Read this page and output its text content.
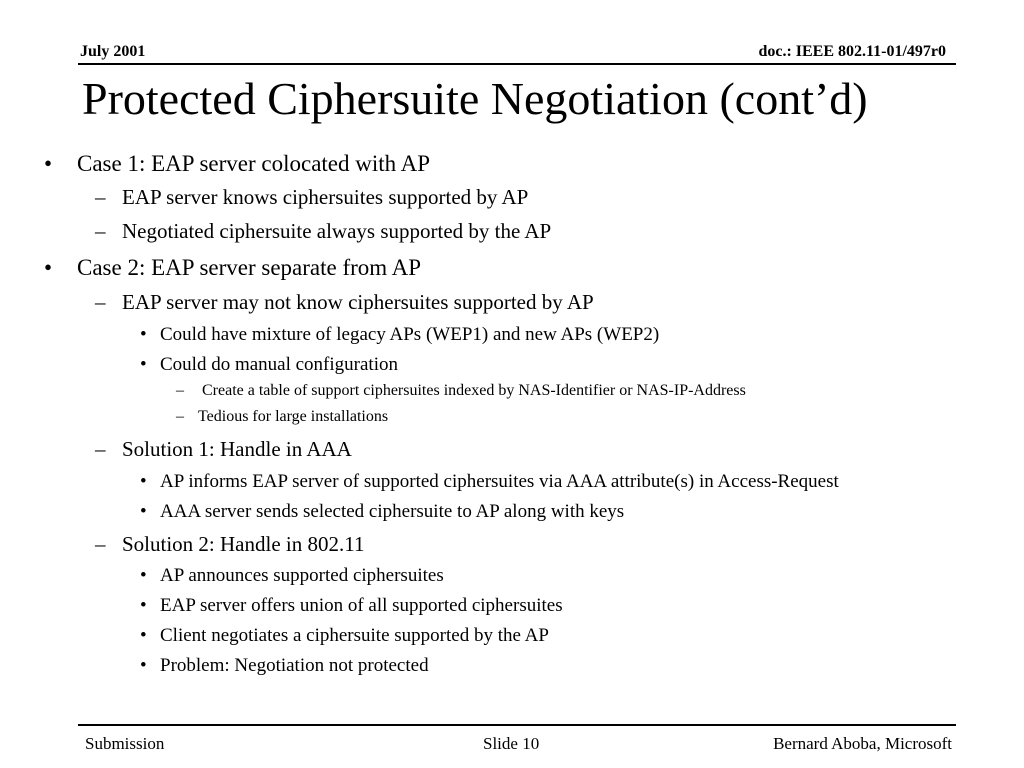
July 2001	doc.: IEEE 802.11-01/497r0
Protected Ciphersuite Negotiation (cont’d)
• Case 1: EAP server colocated with AP
– EAP server knows ciphersuites supported by AP
– Negotiated ciphersuite always supported by the AP
• Case 2: EAP server separate from AP
– EAP server may not know ciphersuites supported by AP
• Could have mixture of legacy APs (WEP1) and new APs (WEP2)
• Could do manual configuration
– Create a table of support ciphersuites indexed by NAS-Identifier or NAS-IP-Address
– Tedious for large installations
– Solution 1: Handle in AAA
• AP informs EAP server of supported ciphersuites via AAA attribute(s) in Access-Request
• AAA server sends selected ciphersuite to AP along with keys
– Solution 2: Handle in 802.11
• AP announces supported ciphersuites
• EAP server offers union of all supported ciphersuites
• Client negotiates a ciphersuite supported by the AP
• Problem: Negotiation not protected
Submission	Slide 10	Bernard Aboba, Microsoft
